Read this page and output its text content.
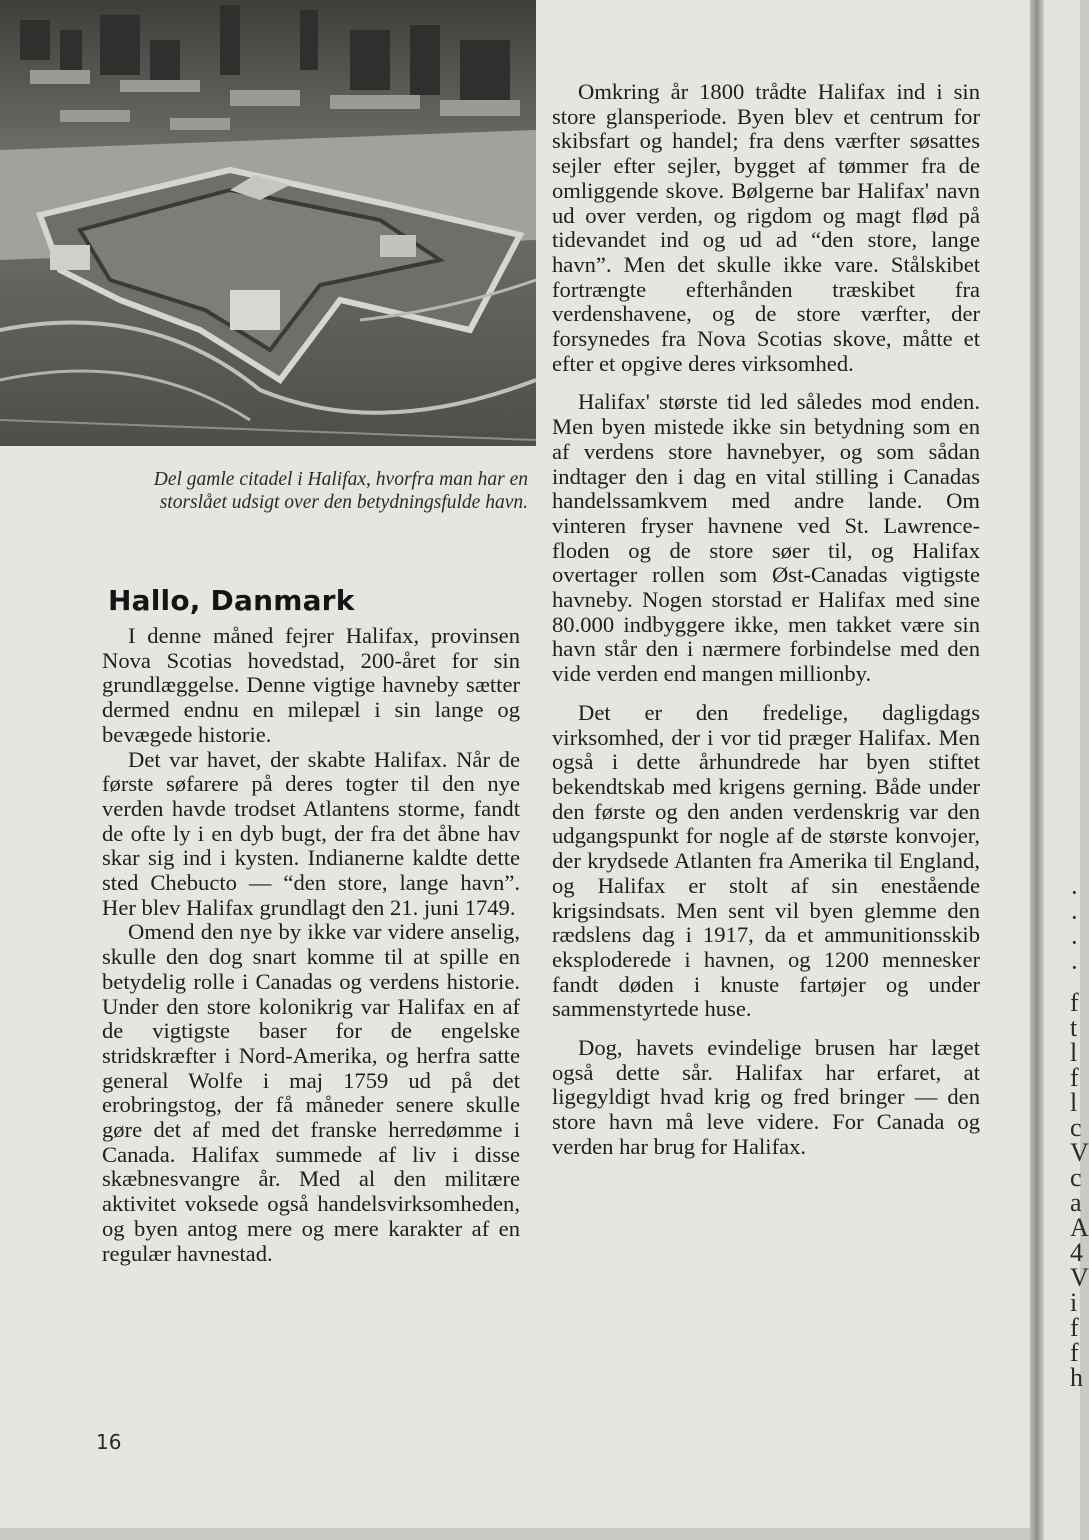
Del gamle citadel i Halifax, hvorfra man har en storslået udsigt over den betydningsfulde havn.
Hallo, Danmark

I denne måned fejrer Halifax, provinsen Nova Scotias hovedstad, 200-året for sin grundlæggelse. Denne vigtige havneby sætter dermed endnu en milepæl i sin lange og bevægede historie.

Det var havet, der skabte Halifax. Når de første søfarere på deres togter til den nye verden havde trodset Atlantens storme, fandt de ofte ly i en dyb bugt, der fra det åbne hav skar sig ind i kysten. Indianerne kaldte dette sted Chebucto — “den store, lange havn”. Her blev Halifax grundlagt den 21. juni 1749.

Omend den nye by ikke var videre anselig, skulle den dog snart komme til at spille en betydelig rolle i Canadas og verdens historie. Under den store kolonikrig var Halifax en af de vigtigste baser for de engelske stridskræfter i Nord-Amerika, og herfra satte general Wolfe i maj 1759 ud på det erobringstog, der få måneder senere skulle gøre det af med det franske herredømme i Canada. Halifax summede af liv i disse skæbnesvangre år. Med al den militære aktivitet voksede også handelsvirksomheden, og byen antog mere og mere karakter af en regulær havnestad.

Omkring år 1800 trådte Halifax ind i sin store glansperiode. Byen blev et centrum for skibsfart og handel; fra dens værfter søsattes sejler efter sejler, bygget af tømmer fra de omliggende skove. Bølgerne bar Halifax' navn ud over verden, og rigdom og magt flød på tidevandet ind og ud ad “den store, lange havn”. Men det skulle ikke vare. Stålskibet fortrængte efterhånden træskibet fra verdenshavene, og de store værfter, der forsynedes fra Nova Scotias skove, måtte et efter et opgive deres virksomhed.

Halifax' største tid led således mod enden. Men byen mistede ikke sin betydning som en af verdens store havnebyer, og som sådan indtager den i dag en vital stilling i Canadas handelssamkvem med andre lande. Om vinteren fryser havnene ved St. Lawrence-floden og de store søer til, og Halifax overtager rollen som Øst-Canadas vigtigste havneby. Nogen storstad er Halifax med sine 80.000 indbyggere ikke, men takket være sin havn står den i nærmere forbindelse med den vide verden end mangen millionby.

Det er den fredelige, dagligdags virksomhed, der i vor tid præger Halifax. Men også i dette århundrede har byen stiftet bekendtskab med krigens gerning. Både under den første og den anden verdenskrig var den udgangspunkt for nogle af de største konvojer, der krydsede Atlanten fra Amerika til England, og Halifax er stolt af sin enestående krigsindsats. Men sent vil byen glemme den rædslens dag i 1917, da et ammunitionsskib eksploderede i havnen, og 1200 mennesker fandt døden i knuste fartøjer og under sammenstyrtede huse.

Dog, havets evindelige brusen har læget også dette sår. Halifax har erfaret, at ligegyldigt hvad krig og fred bringer — den store havn må leve videre. For Canada og verden har brug for Halifax.

16
·
·
·
·
f
t
l
f
l
c
V
c
a
A
4
V
i
f
f
h
